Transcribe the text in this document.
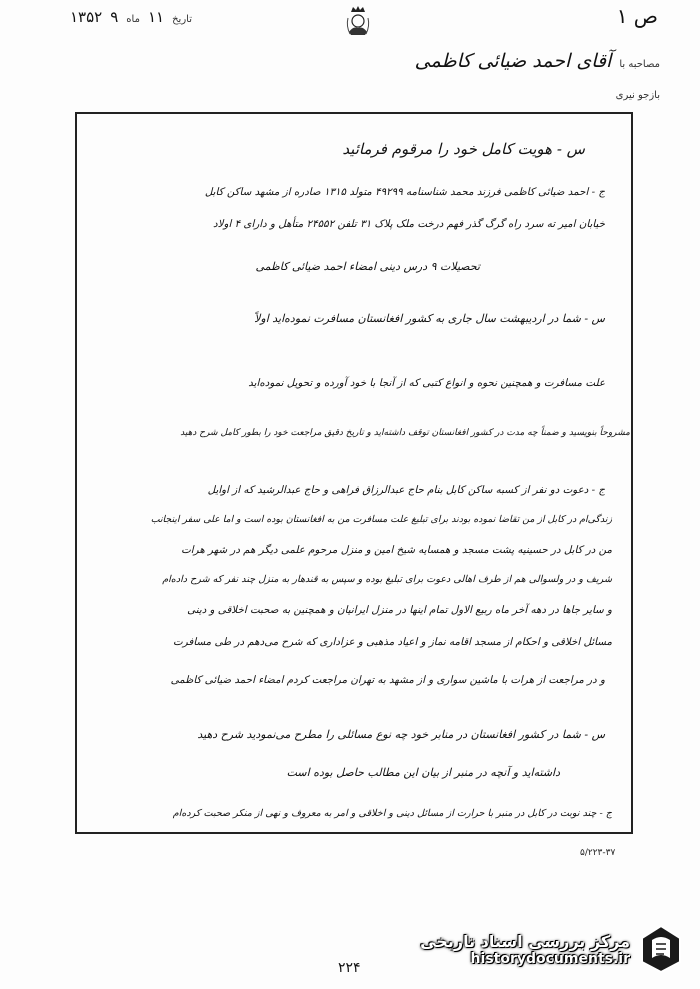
تاریخ
۱۱
ماه
۹
۱۳۵۲	ص ۱
مصاحبه با
آقای احمد ضیائی کاظمی
بازجو نیری
س - هویت کامل خود را مرقوم فرمائید
ج - احمد ضیائی کاظمی فرزند محمد شناسنامه ۴۹۲۹۹ متولد ۱۳۱۵ صادره از مشهد ساکن کابل
خیابان امیر ته سرد راه گرگ گذر فهم درخت ملک پلاک ۳۱ تلفن ۲۴۵۵۲ متأهل و دارای ۴ اولاد
تحصیلات ۹ درس دینی امضاء احمد ضیائی کاظمی
س - شما در اردیبهشت سال جاری به کشور افغانستان مسافرت نموده‌اید اولاً
علت مسافرت و همچنین نحوه و انواع کتبی که از آنجا با خود آورده و تحویل نموده‌اید
مشروحاً بنویسید و ضمناً چه مدت در کشور افغانستان توقف داشته‌اید و تاریخ دقیق مراجعت خود را بطور کامل شرح دهید
ج - دعوت دو نفر از کسبه ساکن کابل بنام حاج عبدالرزاق فراهی و حاج عبدالرشید که از اوایل
زندگی‌ام در کابل از من تقاضا نموده بودند برای تبلیغ علت مسافرت من به افغانستان بوده است و اما علی سفر اینجانب
من در کابل در حسینیه پشت مسجد و همسایه شیخ امین و منزل مرحوم علمی دیگر هم در شهر هرات
شریف و در ولسوالی هم از طرف اهالی دعوت برای تبلیغ بوده و سپس به قندهار به منزل چند نفر که شرح داده‌ام
و سایر جاها در دهه آخر ماه ربیع الاول تمام اینها در منزل ایرانیان و همچنین به صحبت اخلاقی و دینی
مسائل اخلاقی و احکام از مسجد اقامه نماز و اعیاد مذهبی و عزاداری که شرح می‌دهم در طی مسافرت
و در مراجعت از هرات با ماشین سواری و از مشهد به تهران مراجعت کردم امضاء احمد ضیائی کاظمی
س - شما در کشور افغانستان در منابر خود چه نوع مسائلی را مطرح می‌نمودید شرح دهید
داشته‌اید و آنچه در منبر از بیان این مطالب حاصل بوده است
ج - چند نوبت در کابل در منبر با حرارت از مسائل دینی و اخلاقی و امر به معروف و نهی از منکر صحبت کرده‌ام
۵/۲۲۳-۳۷
۲۲۴
مرکز بررسی اسناد تاریخی
historydocuments.ir
